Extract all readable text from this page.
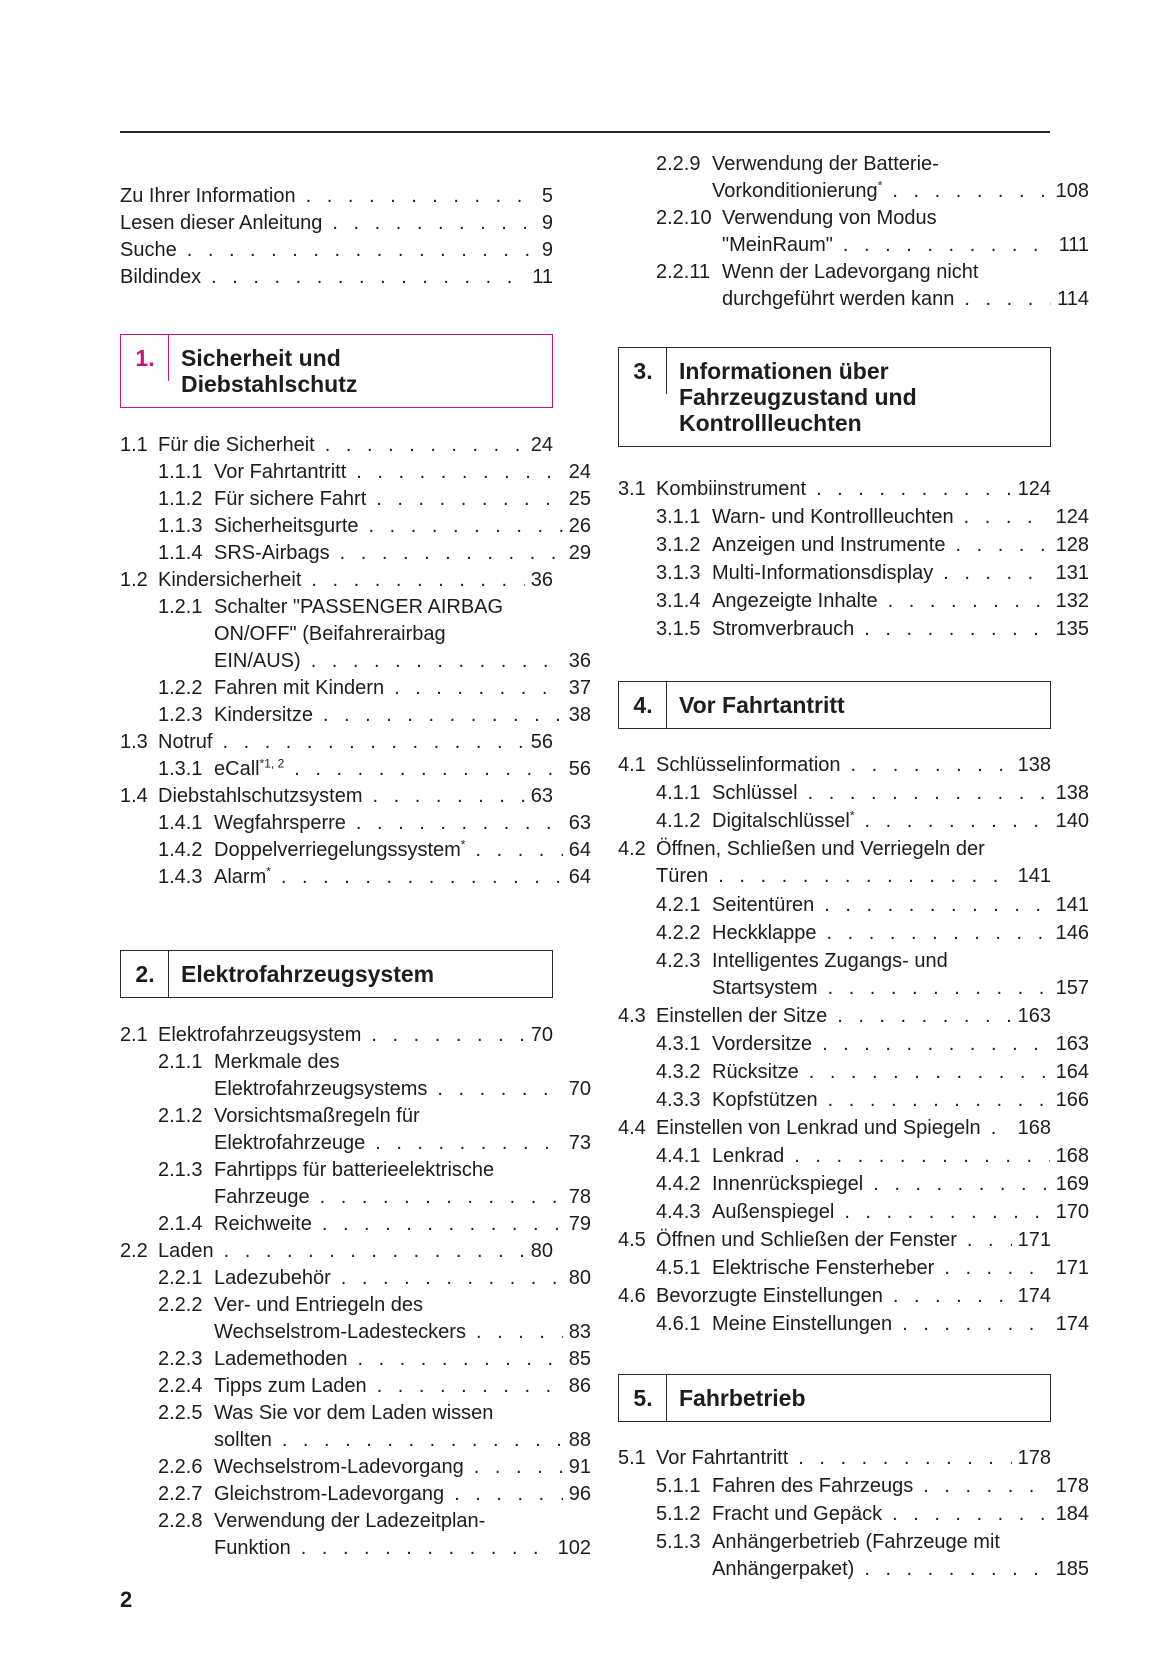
Zu Ihrer Information . . .	5
Lesen dieser Anleitung . . .	9
Suche . . .	9
Bildindex . . .	11
1.	Sicherheit und
Diebstahlschutz
1.1 Für die Sicherheit . . .	24
1.1.1 Vor Fahrtantritt . . .	24
1.1.2 Für sichere Fahrt . . .	25
1.1.3 Sicherheitsgurte . . .	26
1.1.4 SRS-Airbags . . .	29
1.2 Kindersicherheit . . .	36
1.2.1 Schalter "PASSENGER AIRBAG
ON/OFF" (Beifahrerairbag
EIN/AUS) . . .	36
1.2.2 Fahren mit Kindern . . .	37
1.2.3 Kindersitze . . .	38
1.3 Notruf . . .	56
1.3.1 eCall$^{*1, 2}$ . . .	56
1.4 Diebstahlschutzsystem . . .	63
1.4.1 Wegfahrsperre . . .	63
1.4.2 Doppelverriegelungssystem* . . .	64
1.4.3 Alarm* . . .	64
2.	Elektrofahrzeugsystem
2.1 Elektrofahrzeugsystem . . .	70
2.1.1 Merkmale des
Elektrofahrzeugsystems . . .	70
2.1.2 Vorsichtsmaßregeln für
Elektrofahrzeuge . . .	73
2.1.3 Fahrtipps für batterieelektrische
Fahrzeuge . . .	78
2.1.4 Reichweite . . .	79
2.2 Laden . . .	80
2.2.1 Ladezubehör . . .	80
2.2.2 Ver- und Entriegeln des
Wechselstrom-Ladesteckers . . .	83
2.2.3 Lademethoden . . .	85
2.2.4 Tipps zum Laden . . .	86
2.2.5 Was Sie vor dem Laden wissen
sollten . . .	88
2.2.6 Wechselstrom-Ladevorgang . . .	91
2.2.7 Gleichstrom-Ladevorgang . . .	96
2.2.8 Verwendung der Ladezeitplan-
Funktion . . .	102
2.2.9 Verwendung der Batterie-
Vorkonditionierung* . . .	108
2.2.10 Verwendung von Modus
"MeinRaum" . . .	111
2.2.11 Wenn der Ladevorgang nicht
durchgeführt werden kann . . .	114
3.	Informationen über
Fahrzeugzustand und
Kontrollleuchten
3.1 Kombiinstrument . . .	124
3.1.1 Warn- und Kontrollleuchten . . .	124
3.1.2 Anzeigen und Instrumente . . .	128
3.1.3 Multi-Informationsdisplay . . .	131
3.1.4 Angezeigte Inhalte . . .	132
3.1.5 Stromverbrauch . . .	135
4.	Vor Fahrtantritt
4.1 Schlüsselinformation . . .	138
4.1.1 Schlüssel . . .	138
4.1.2 Digitalschlüssel* . . .	140
4.2 Öffnen, Schließen und Verriegeln der
Türen . . .	141
4.2.1 Seitentüren . . .	141
4.2.2 Heckklappe . . .	146
4.2.3 Intelligentes Zugangs- und
Startsystem . . .	157
4.3 Einstellen der Sitze . . .	163
4.3.1 Vordersitze . . .	163
4.3.2 Rücksitze . . .	164
4.3.3 Kopfstützen . . .	166
4.4 Einstellen von Lenkrad und Spiegeln . . . 168
4.4.1 Lenkrad . . .	168
4.4.2 Innenrückspiegel . . .	169
4.4.3 Außenspiegel . . .	170
4.5 Öffnen und Schließen der Fenster . . .	171
4.5.1 Elektrische Fensterheber . . .	171
4.6 Bevorzugte Einstellungen . . .	174
4.6.1 Meine Einstellungen . . .	174
5.	Fahrbetrieb
5.1 Vor Fahrtantritt . . .	178
5.1.1 Fahren des Fahrzeugs . . .	178
5.1.2 Fracht und Gepäck . . .	184
5.1.3 Anhängerbetrieb (Fahrzeuge mit
Anhängerpaket) . . .	185
2
